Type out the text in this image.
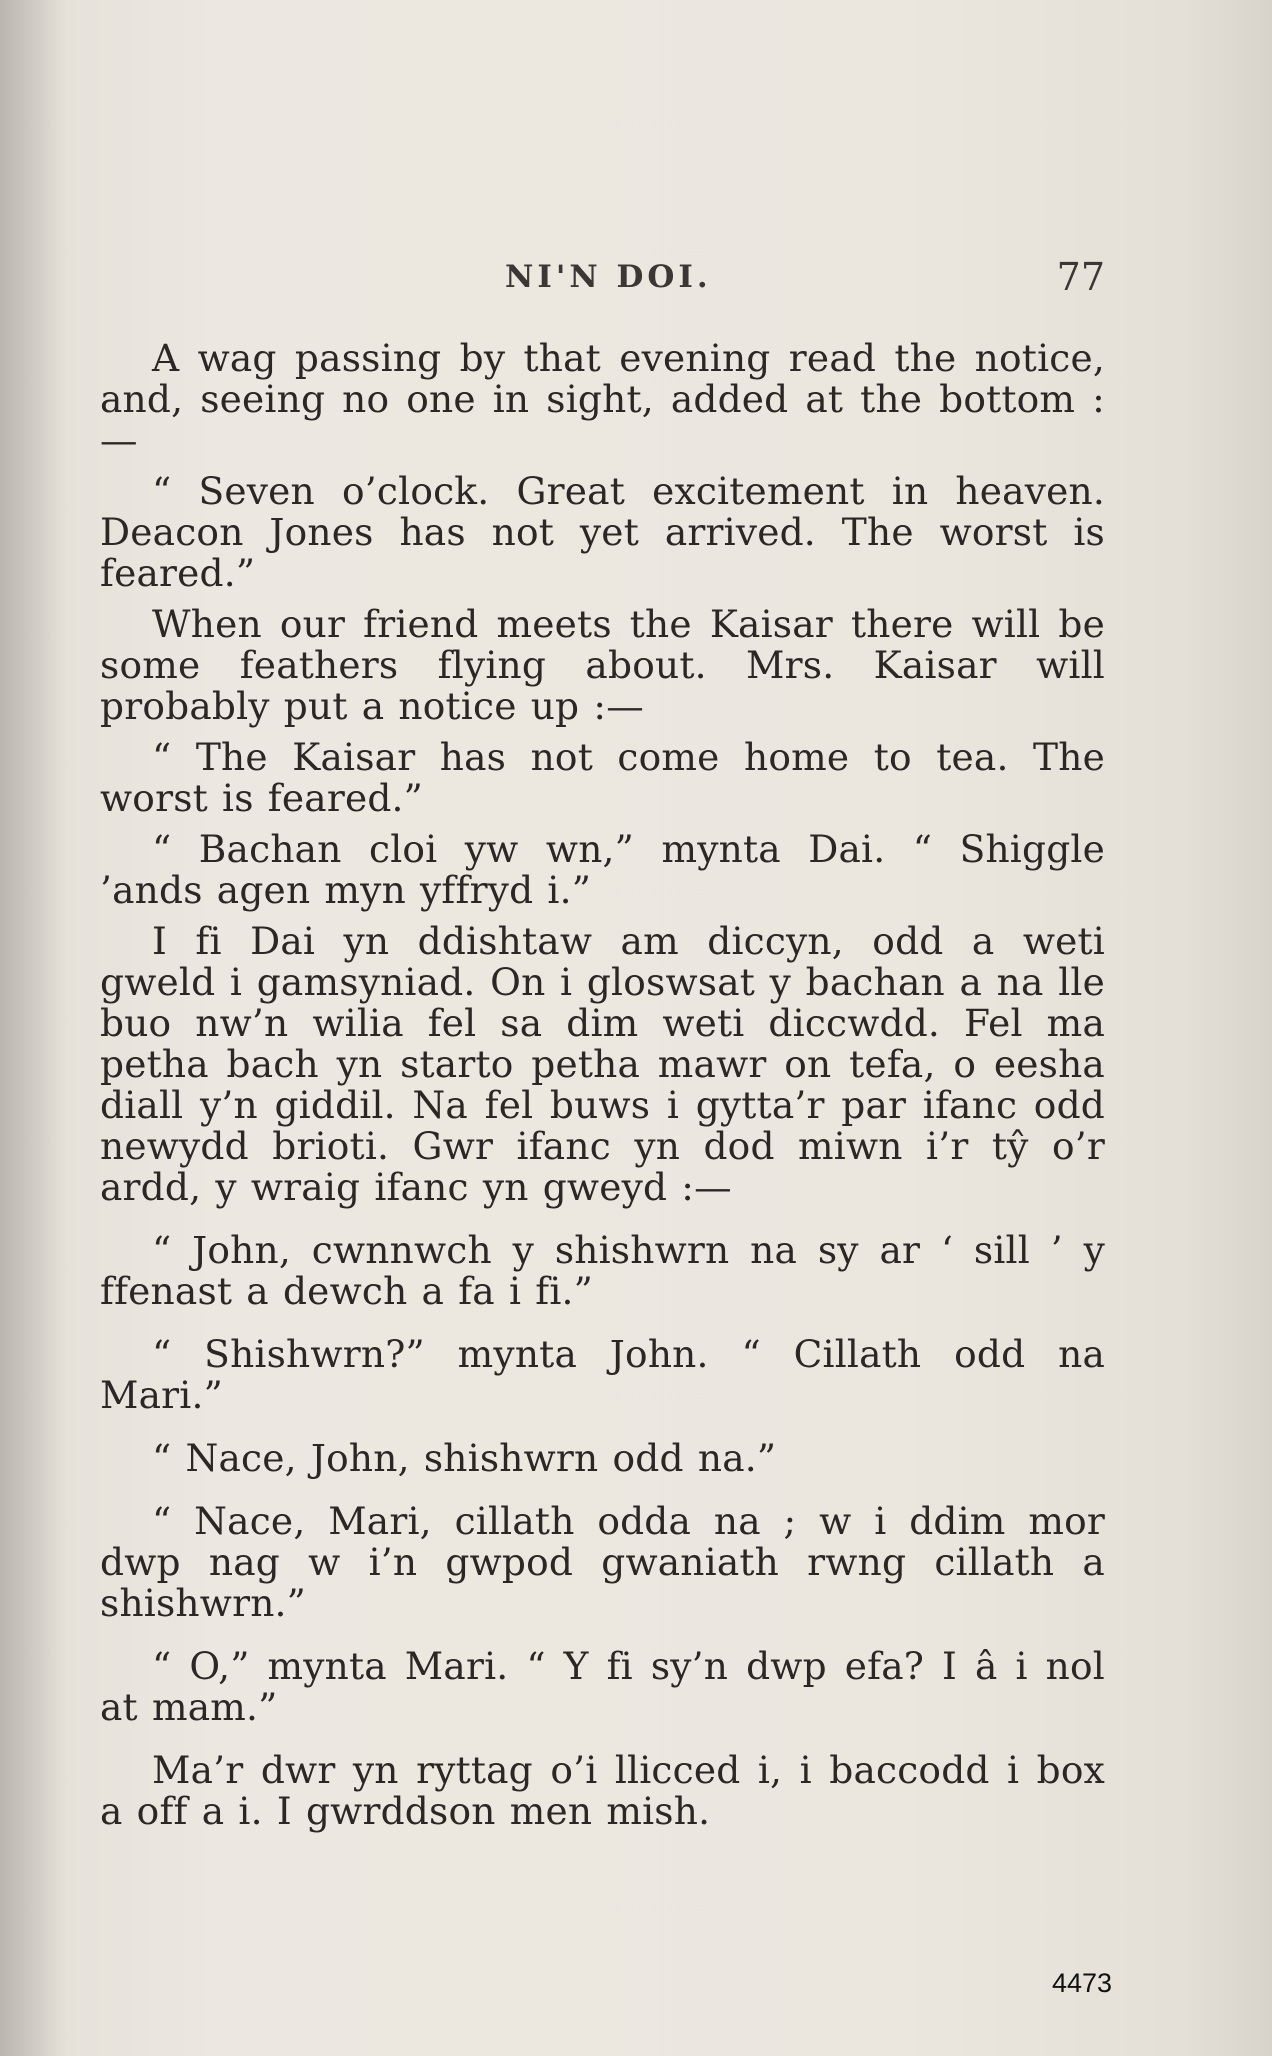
NI'N DOI.	77

A wag passing by that evening read the notice, and, seeing no one in sight, added at the bottom :—

“ Seven o’clock. Great excitement in heaven. Deacon Jones has not yet arrived. The worst is feared.”

When our friend meets the Kaisar there will be some feathers flying about. Mrs. Kaisar will probably put a notice up :—

“ The Kaisar has not come home to tea. The worst is feared.”

“ Bachan cloi yw wn,” mynta Dai. “ Shiggle ’ands agen myn yffryd i.”

I fi Dai yn ddishtaw am diccyn, odd a weti gweld i gamsyniad. On i gloswsat y bachan a na lle buo nw’n wilia fel sa dim weti diccwdd. Fel ma petha bach yn starto petha mawr on tefa, o eesha diall y’n giddil. Na fel buws i gytta’r par ifanc odd newydd brioti. Gwr ifanc yn dod miwn i’r tŷ o’r ardd, y wraig ifanc yn gweyd :—

“ John, cwnnwch y shishwrn na sy ar ‘ sill ’ y ffenast a dewch a fa i fi.”

“ Shishwrn?” mynta John. “ Cillath odd na Mari.”

“ Nace, John, shishwrn odd na.”

“ Nace, Mari, cillath odda na ; w i ddim mor dwp nag w i’n gwpod gwaniath rwng cillath a shishwrn.”

“ O,” mynta Mari. “ Y fi sy’n dwp efa? I â i nol at mam.”

Ma’r dwr yn ryttag o’i llicced i, i baccodd i box a off a i. I gwrddson men mish.

4473
